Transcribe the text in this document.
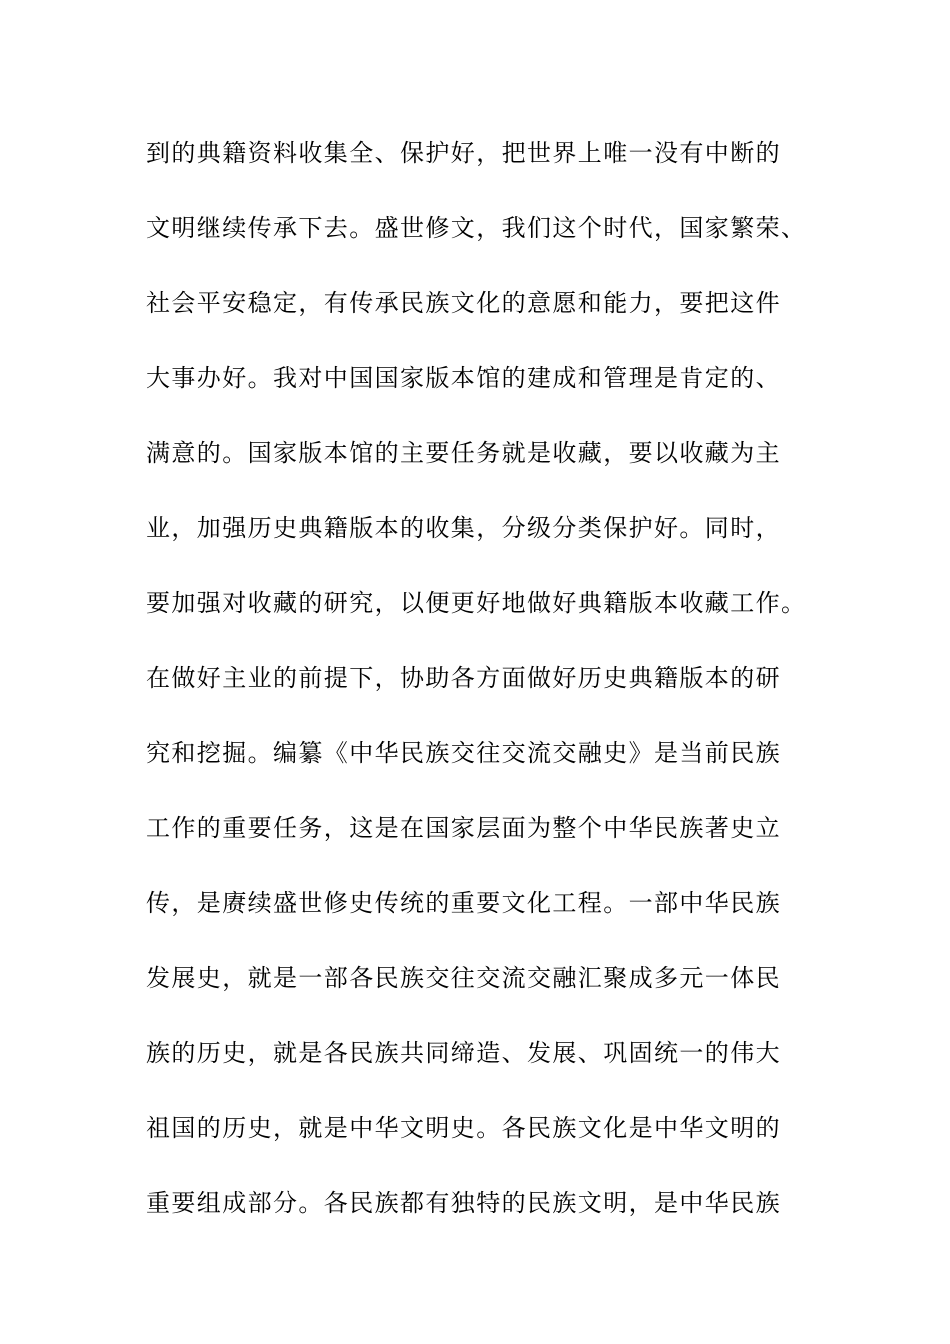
到的典籍资料收集全、保护好，把世界上唯一没有中断的
文明继续传承下去。盛世修文，我们这个时代，国家繁荣、
社会平安稳定，有传承民族文化的意愿和能力，要把这件
大事办好。我对中国国家版本馆的建成和管理是肯定的、
满意的。国家版本馆的主要任务就是收藏，要以收藏为主
业，加强历史典籍版本的收集，分级分类保护好。同时，
要加强对收藏的研究，以便更好地做好典籍版本收藏工作。
在做好主业的前提下，协助各方面做好历史典籍版本的研
究和挖掘。编纂《中华民族交往交流交融史》是当前民族
工作的重要任务，这是在国家层面为整个中华民族著史立
传，是赓续盛世修史传统的重要文化工程。一部中华民族
发展史，就是一部各民族交往交流交融汇聚成多元一体民
族的历史，就是各民族共同缔造、发展、巩固统一的伟大
祖国的历史，就是中华文明史。各民族文化是中华文明的
重要组成部分。各民族都有独特的民族文明，是中华民族
